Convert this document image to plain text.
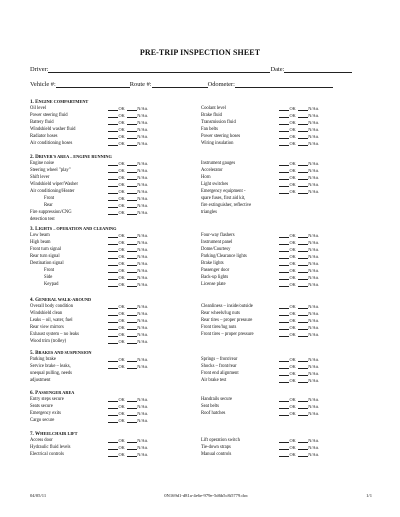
PRE-TRIP INSPECTION SHEET
Driver:	Date:
Vehicle #:	Route #:	Odometer:
1. ENGINE COMPARTMENT
Oil level	OK	N/Att.
Power steering fluid	OK	N/Att.
Battery fluid	OK	N/Att.
Windshield washer fluid	OK	N/Att.
Radiator hoses	OK	N/Att.
Air conditioning hoses	OK	N/Att.
Coolant level	OK	N/Att.
Brake fluid	OK	N/Att.
Transmission fluid	OK	N/Att.
Fan belts	OK	N/Att.
Power steering hoses	OK	N/Att.
Wiring insulation	OK	N/Att.
2. DRIVER'S AREA – ENGINE RUNNING
Engine noise	OK	N/Att.
Steering wheel "play"	OK	N/Att.
Shift lever	OK	N/Att.
Windshield wiper/Washer	OK	N/Att.
Air conditioning/Heater	OK	N/Att.
Front	OK	N/Att.
Rear	OK	N/Att.
Fire suppression/CNG	OK	N/Att.
detection test
Instrument gauges	OK	N/Att.
Accelerator	OK	N/Att.
Horn	OK	N/Att.
Light switches	OK	N/Att.
Emergency equipment -	OK	N/Att.
spare fuses, first aid kit,
fire extinguisher, reflective
triangles
3. LIGHTS – OPERATION AND CLEANING
Low beam	OK	N/Att.
High beam	OK	N/Att.
Front turn signal	OK	N/Att.
Rear turn signal	OK	N/Att.
Destination signal	OK	N/Att.
Front	OK	N/Att.
Side	OK	N/Att.
Keypad	OK	N/Att.
Four-way flashers	OK	N/Att.
Instrument panel	OK	N/Att.
Dome/Courtesy	OK	N/Att.
Parking/Clearance lights	OK	N/Att.
Brake lights	OK	N/Att.
Passenger door	OK	N/Att.
Back-up lights	OK	N/Att.
License plate	OK	N/Att.
4. GENERAL WALK-AROUND
Overall body condition	OK	N/Att.
Windshield clean	OK	N/Att.
Leaks – oil, water, fuel	OK	N/Att.
Rear view mirrors	OK	N/Att.
Exhaust system – no leaks	OK	N/Att.
Wood trim (trolley)	OK	N/Att.
Cleanliness – inside/outside	OK	N/Att.
Rear wheels/lug nuts	OK	N/Att.
Rear tires – proper pressure	OK	N/Att.
Front tires/lug nuts	OK	N/Att.
Front tires – proper pressure	OK	N/Att.
5. BRAKES AND SUSPENSION
Parking brake	OK	N/Att.
Service brake – leaks,	OK	N/Att.
unequal pulling, needs
adjustment
Springs – front/rear	OK	N/Att.
Shocks – front/rear	OK	N/Att.
Front end alignment	OK	N/Att.
Air brake test	OK	N/Att.
6. PASSENGER AREA
Entry steps secure	OK	N/Att.
Seats secure	OK	N/Att.
Emergency exits	OK	N/Att.
Cargo secure	OK	N/Att.
Handrails secure	OK	N/Att.
Seat belts	OK	N/Att.
Roof hatches	OK	N/Att.
7. WHEELCHAIR LIFT
Access door	OK	N/Att.
Hydraulic fluid levels	OK	N/Att.
Electrical controls	OK	N/Att.
Lift operation switch	OK	N/Att.
Tie-down straps	OK	N/Att.
Manual controls	OK	N/Att.
04/05/11	0N169d1-d81a-4e6e-979e-5d6b5c8i5779.doc	1/1
